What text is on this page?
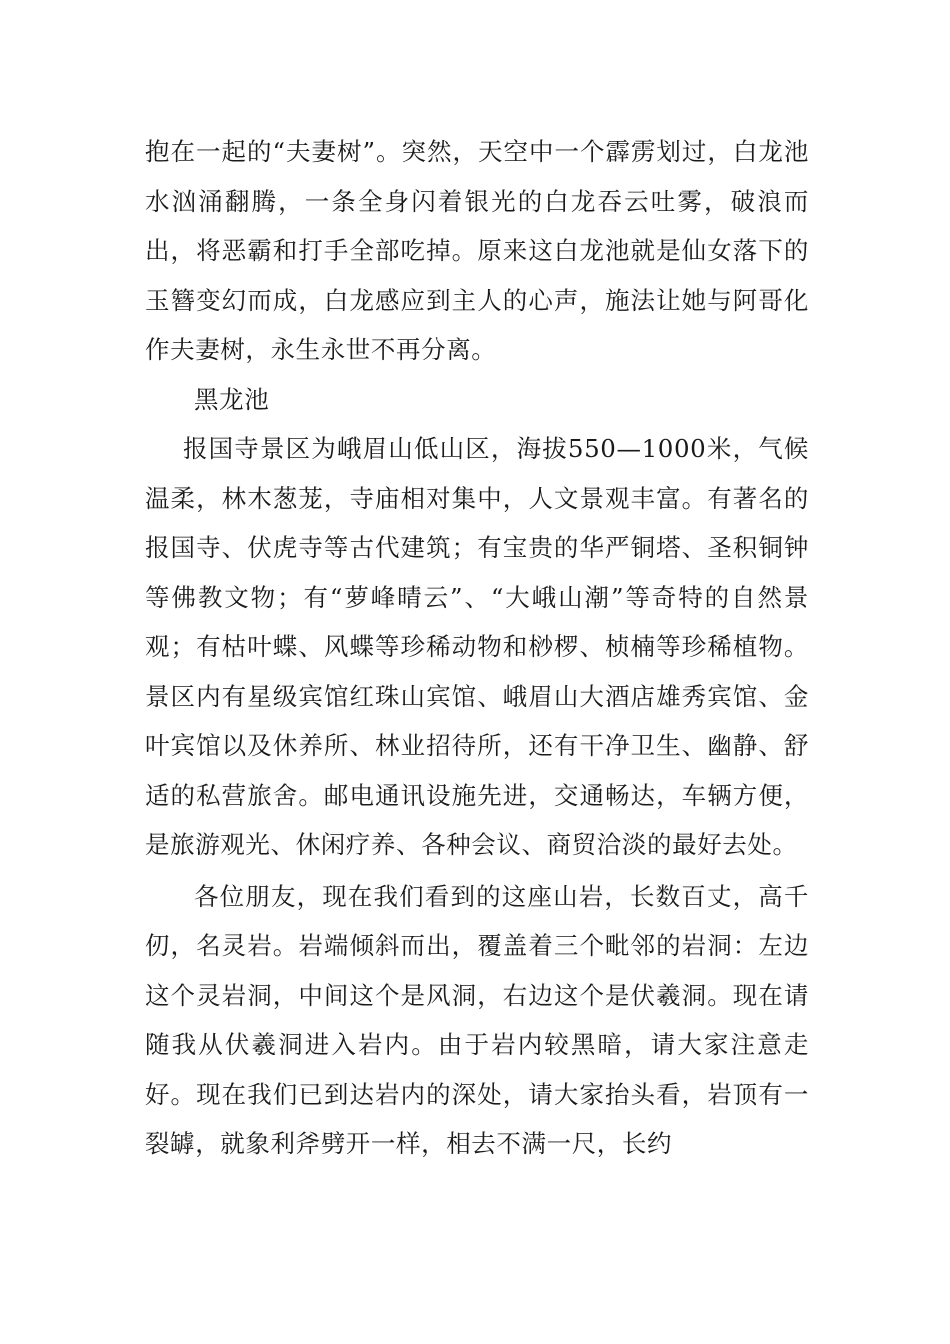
抱在一起的“夫妻树”。突然，天空中一个霹雳划过，白龙池水汹涌翻腾，一条全身闪着银光的白龙吞云吐雾，破浪而出，将恶霸和打手全部吃掉。原来这白龙池就是仙女落下的玉簪变幻而成，白龙感应到主人的心声，施法让她与阿哥化作夫妻树，永生永世不再分离。

黑龙池

报国寺景区为峨眉山低山区，海拔550—1000米，气候温柔，林木葱茏，寺庙相对集中，人文景观丰富。有著名的报国寺、伏虎寺等古代建筑；有宝贵的华严铜塔、圣积铜钟等佛教文物；有“萝峰晴云”、“大峨山潮”等奇特的自然景观；有枯叶蝶、风蝶等珍稀动物和桫椤、桢楠等珍稀植物。景区内有星级宾馆红珠山宾馆、峨眉山大酒店雄秀宾馆、金叶宾馆以及休养所、林业招待所，还有干净卫生、幽静、舒适的私营旅舍。邮电通讯设施先进，交通畅达，车辆方便，是旅游观光、休闲疗养、各种会议、商贸洽淡的最好去处。

各位朋友，现在我们看到的这座山岩，长数百丈，高千仞，名灵岩。岩端倾斜而出，覆盖着三个毗邻的岩洞：左边这个灵岩洞，中间这个是风洞，右边这个是伏羲洞。现在请随我从伏羲洞进入岩内。由于岩内较黑暗，请大家注意走好。现在我们已到达岩内的深处，请大家抬头看，岩顶有一裂罅，就象利斧劈开一样，相去不满一尺，长约
